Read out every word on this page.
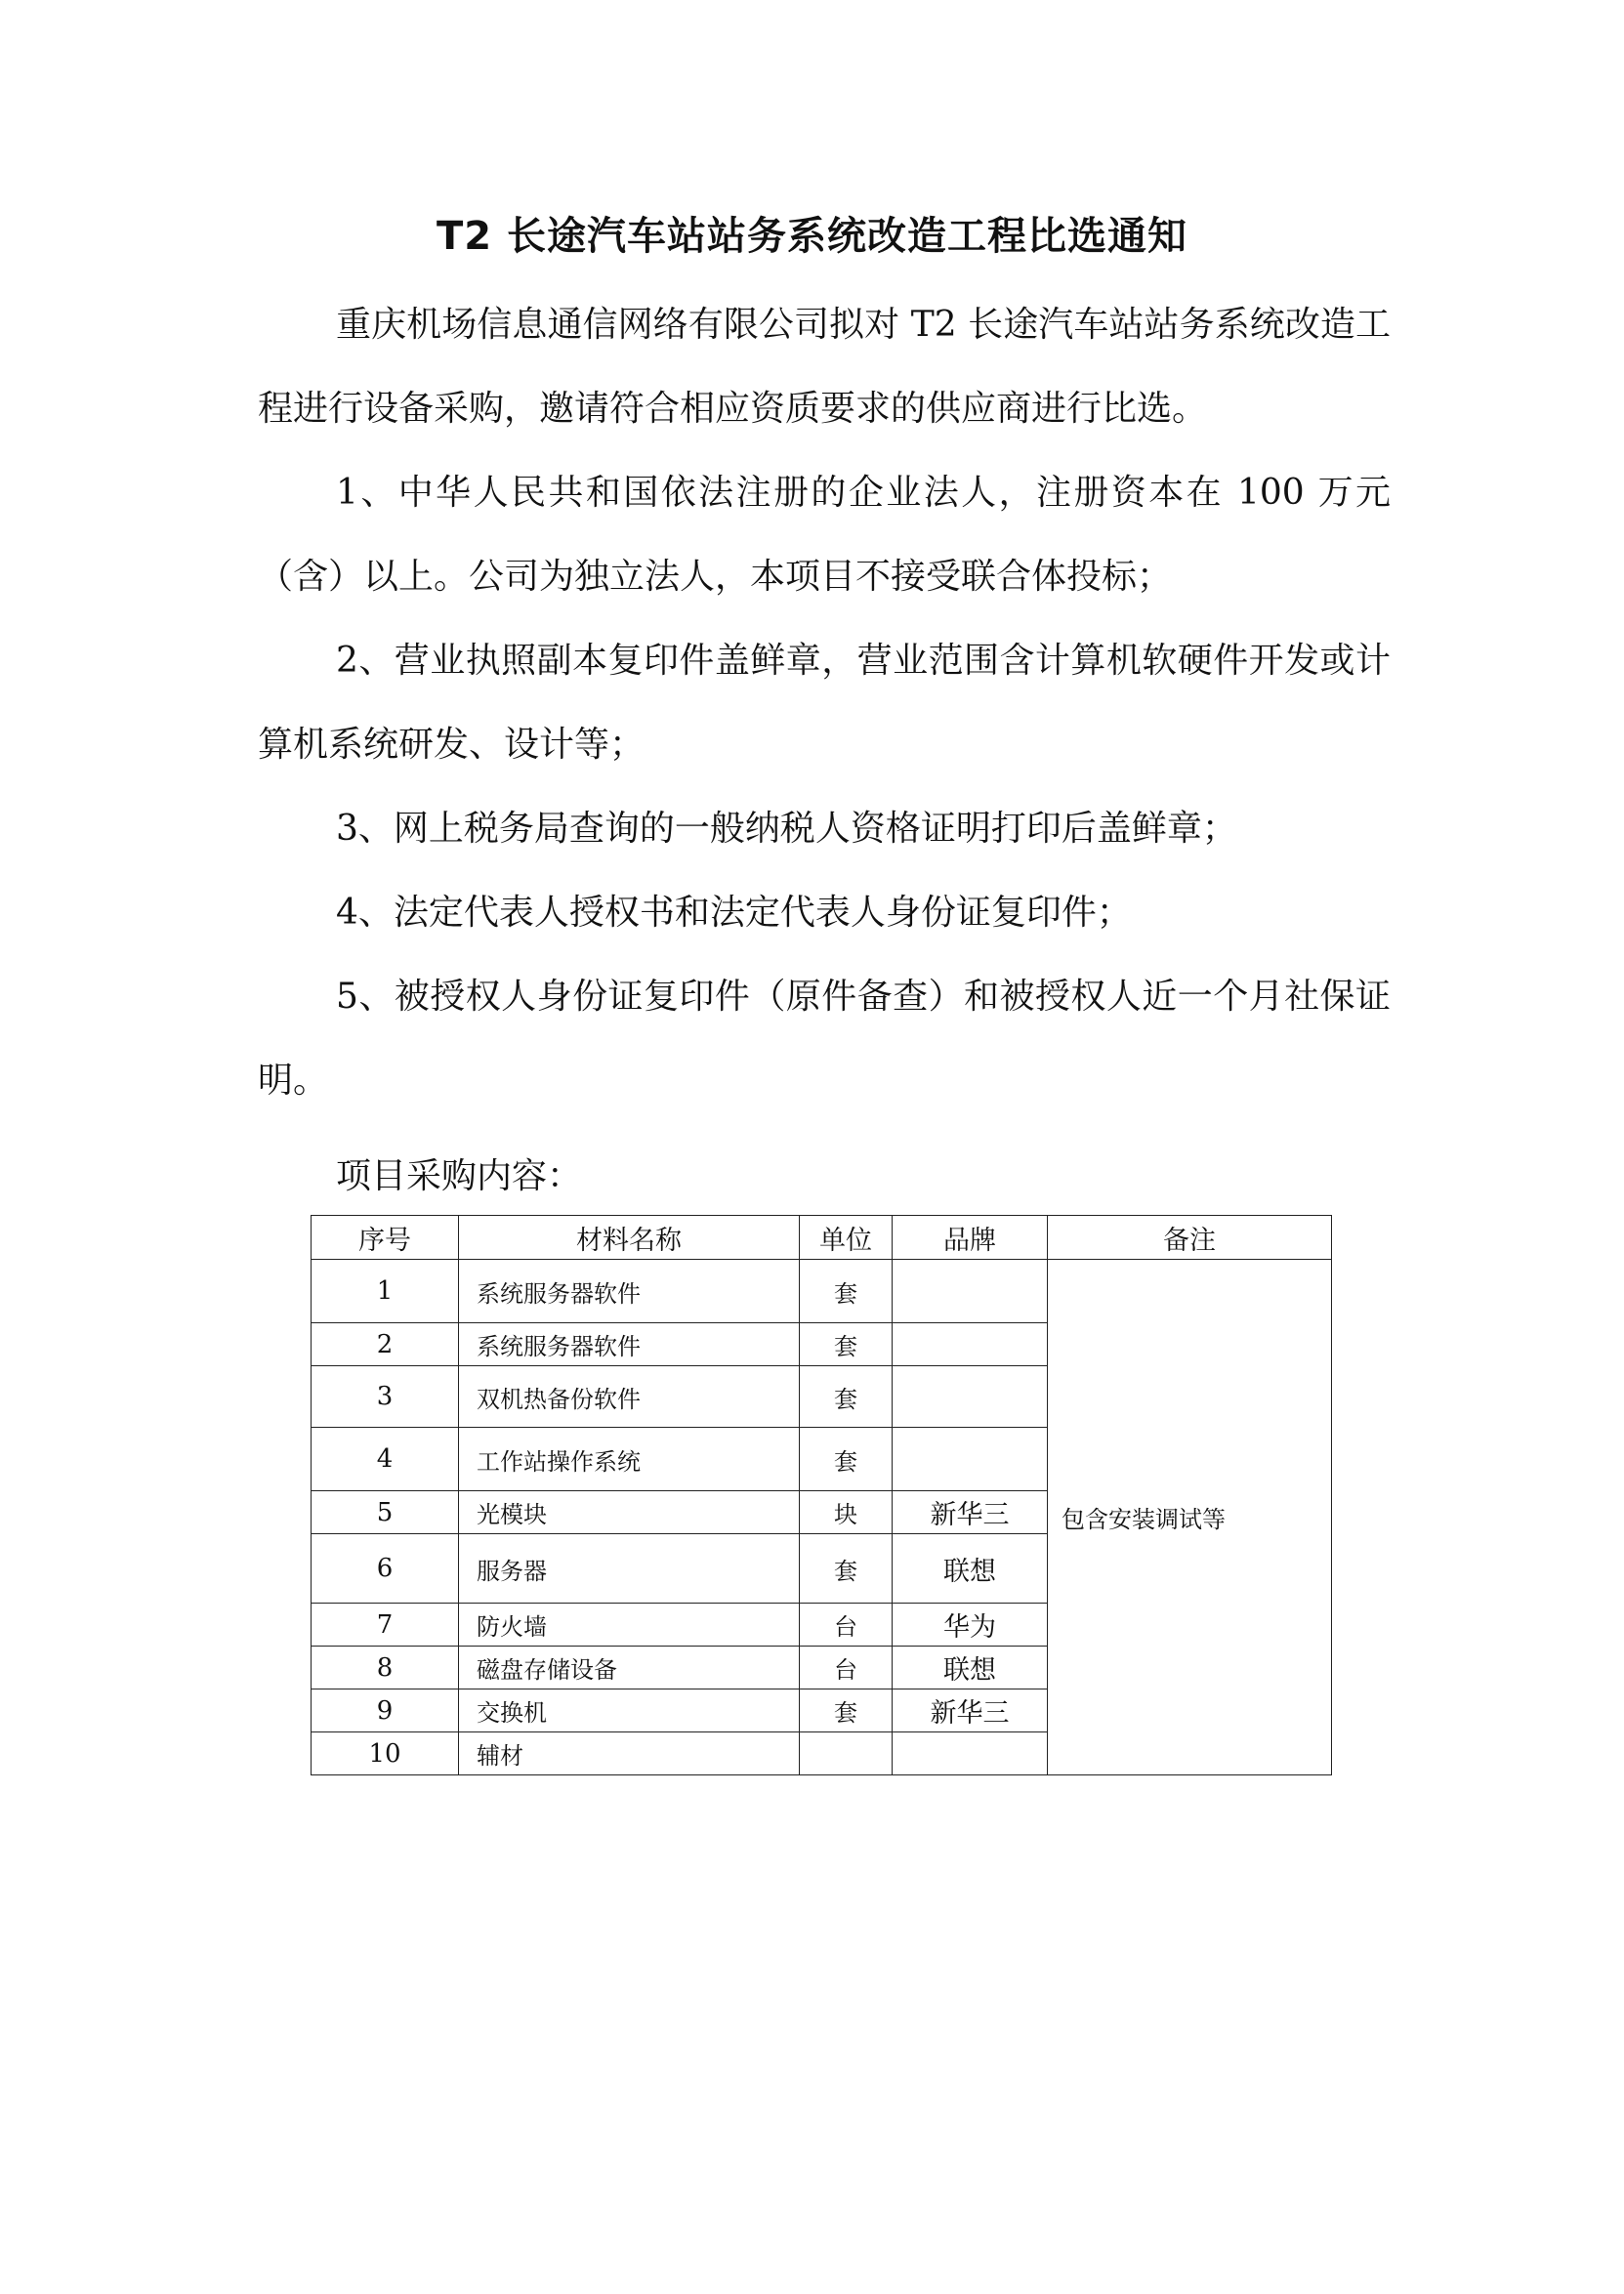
T2 长途汽车站站务系统改造工程比选通知

重庆机场信息通信网络有限公司拟对 T2 长途汽车站站务系统改造工程进行设备采购，邀请符合相应资质要求的供应商进行比选。

1、中华人民共和国依法注册的企业法人，注册资本在 100 万元（含）以上。公司为独立法人，本项目不接受联合体投标；

2、营业执照副本复印件盖鲜章，营业范围含计算机软硬件开发或计算机系统研发、设计等；

3、网上税务局查询的一般纳税人资格证明打印后盖鲜章；

4、法定代表人授权书和法定代表人身份证复印件；

5、被授权人身份证复印件（原件备查）和被授权人近一个月社保证明。

项目采购内容：

序号	材料名称	单位	品牌	备注
1	系统服务器软件	套		包含安装调试等
2	系统服务器软件	套		
3	双机热备份软件	套		
4	工作站操作系统	套		
5	光模块	块	新华三	
6	服务器	套	联想	
7	防火墙	台	华为	
8	磁盘存储设备	台	联想	
9	交换机	套	新华三	
10	辅材			
